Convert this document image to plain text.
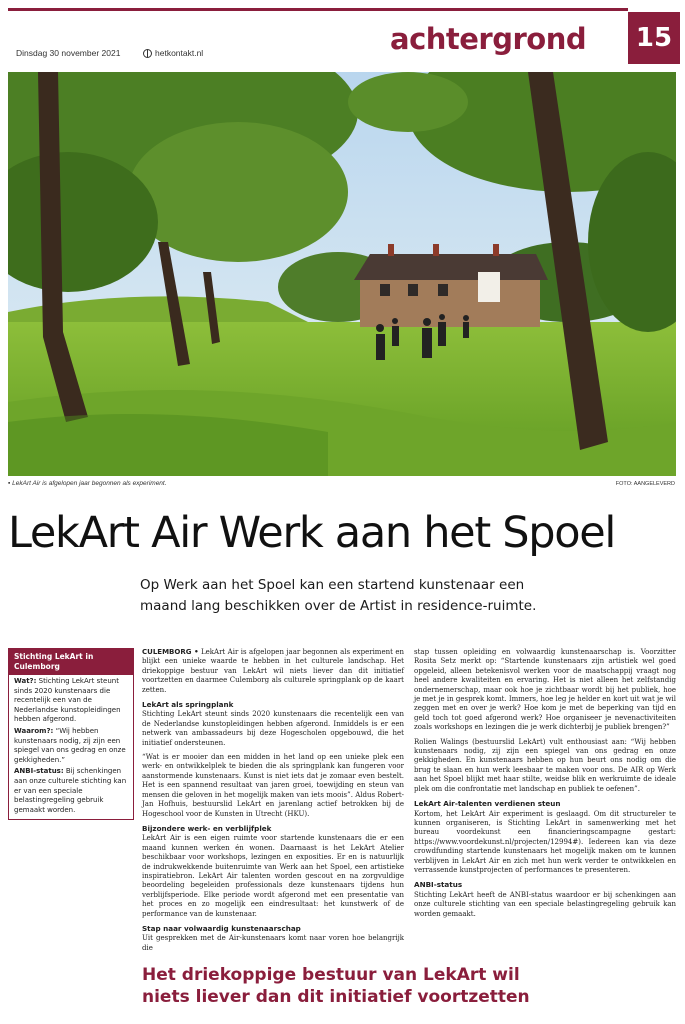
Dinsdag 30 november 2021	hetkontakt.nl	achtergrond	15
▪ LekArt Air is afgelopen jaar begonnen als experiment.	FOTO: AANGELEVERD
LekArt Air Werk aan het Spoel
Op Werk aan het Spoel kan een startend kunstenaar een maand lang beschikken over de Artist in residence-ruimte.
Stichting LekArt in Culemborg
Wat?: Stichting LekArt steunt sinds 2020 kunstenaars die recentelijk een van de Nederlandse kunstopleidingen hebben afgerond.
Waarom?: “Wij hebben kunstenaars nodig, zij zijn een spiegel van ons gedrag en onze gekkigheden.”
ANBI-status: Bij schenkingen aan onze culturele stichting kan er van een speciale belastingregeling gebruik gemaakt worden.

CULEMBORG • LekArt Air is afgelopen jaar begonnen als experiment en blijkt een unieke waarde te hebben in het culturele landschap. Het driekoppige bestuur van LekArt wil niets liever dan dit initiatief voortzetten en daarmee Culemborg als culturele springplank op de kaart zetten.

LekArt als springplank

Stichting LekArt steunt sinds 2020 kunstenaars die recentelijk een van de Nederlandse kunstopleidingen hebben afgerond. Inmiddels is er een netwerk van ambassadeurs bij deze Hogescholen opgebouwd, die het initiatief ondersteunen.

“Wat is er mooier dan een midden in het land op een unieke plek een werk- en ontwikkelplek te bieden die als springplank kan fungeren voor aanstormende kunstenaars. Kunst is niet iets dat je zomaar even bestelt. Het is een spannend resultaat van jaren groei, toewijding en steun van mensen die geloven in het mogelijk maken van iets moois”. Aldus Robert-Jan Hofhuis, bestuurslid LekArt en jarenlang actief betrokken bij de Hogeschool voor de Kunsten in Utrecht (HKU).

Bijzondere werk- en verblijfplek

LekArt Air is een eigen ruimte voor startende kunstenaars die er een maand kunnen werken én wonen. Daarnaast is het LekArt Atelier beschikbaar voor workshops, lezingen en exposities. Er en is natuurlijk de indrukwekkende buitenruimte van Werk aan het Spoel, een artistieke inspiratiebron. LekArt Air talenten worden gescout en na zorgvuldige beoordeling begeleiden professionals deze kunstenaars tijdens hun verblijfsperiode. Elke periode wordt afgerond met een presentatie van het proces en zo mogelijk een eindresultaat: het kunstwerk of de performance van de kunstenaar.

Stap naar volwaardig kunstenaarschap

Uit gesprekken met de Air-kunstenaars komt naar voren hoe belangrijk die

stap tussen opleiding en volwaardig kunstenaarschap is. Voorzitter Rosita Setz merkt op: “Startende kunstenaars zijn artistiek wel goed opgeleid, alleen betekenisvol werken voor de maatschappij vraagt nog heel andere kwaliteiten en ervaring. Het is niet alleen het zelfstandig ondernemerschap, maar ook hoe je zichtbaar wordt bij het publiek, hoe je met je in gesprek komt. Immers, hoe leg je helder en kort uit wat je wil zeggen met en over je werk? Hoe kom je met de beperking van tijd en geld toch tot goed afgerond werk? Hoe organiseer je nevenactiviteiten zoals workshops en lezingen die je werk dichterbij je publiek brengen?”

Rolien Walings (bestuurslid LekArt) vult enthousiast aan: “Wij hebben kunstenaars nodig, zij zijn een spiegel van ons gedrag en onze gekkigheden. En kunstenaars hebben op hun beurt ons nodig om die brug te slaan en hun werk leesbaar te maken voor ons. De AIR op Werk aan het Spoel blijkt met haar stilte, weidse blik en werkruimte de ideale plek om die confrontatie met landschap en publiek te oefenen”.

LekArt Air-talenten verdienen steun

Kortom, het LekArt Air experiment is geslaagd. Om dit structureler te kunnen organiseren, is Stichting LekArt in samenwerking met het bureau voordekunst een financieringscampagne gestart: https://www.voordekunst.nl/projecten/12994#). Iedereen kan via deze crowdfunding startende kunstenaars het mogelijk maken om te kunnen verblijven in LekArt Air en zich met hun werk verder te ontwikkelen en verrassende kunstprojecten of performances te presenteren.

ANBI-status

Stichting LekArt heeft de ANBI-status waardoor er bij schenkingen aan onze culturele stichting van een speciale belastingregeling gebruik kan worden gemaakt.

Het driekoppige bestuur van LekArt wil niets liever dan dit initiatief voortzetten
